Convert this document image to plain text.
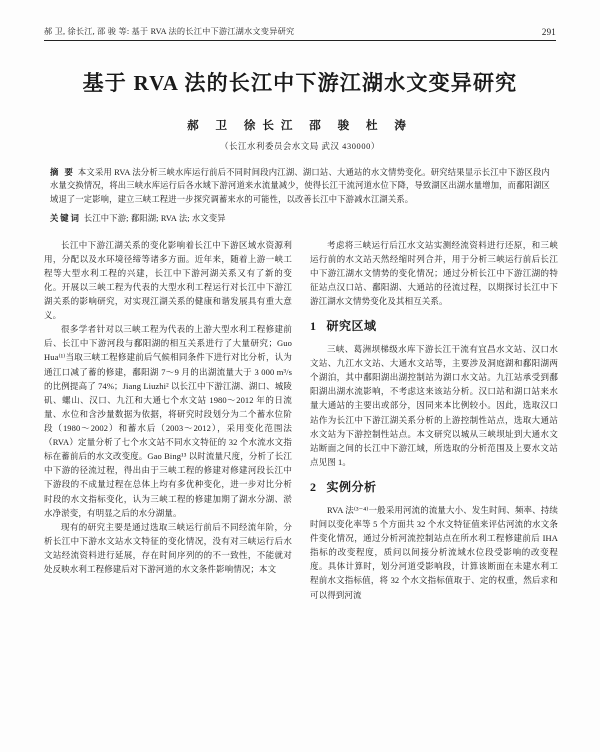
郝 卫, 徐长江, 邵 骏 等: 基于 RVA 法的长江中下游江湖水文变异研究	291
基于 RVA 法的长江中下游江湖水文变异研究
郝 卫 徐长江 邵 骏 杜 涛
（长江水利委员会水文局 武汉 430000）
摘 要 本文采用 RVA 法分析三峡水库运行前后不同时间段内江湖、湖口站、大通站的水文情势变化。研究结果显示长江中下游区段内水量交换情况，将出三峡水库运行后各水域下游河道来水流量减少，使得长江干流河道水位下降，导致湖区出湖水量增加，而鄱阳湖区域退了一定影响，建立三峡工程进一步探究调蓄来水的可能性，以改善长江中下游减水江湖关系。
关键词 长江中下游; 鄱阳湖; RVA 法; 水文变异

长江中下游江湖关系的变化影响着长江中下游区域水资源利用，分配以及水环境径缔等诸多方面。近年来，随着上游一峡工程等大型水利工程的兴建，长江中下游河湖关系又有了新的变化。开展以三峡工程为代表的大型水利工程运行对长江中下游江湖关系的影响研究，对实现江湖关系的健康和谐发展具有重大意义。

很多学者针对以三峡工程为代表的上游大型水利工程修建前后、长江中下游河段与鄱阳湖的相互关系进行了大量研究；Guo Hua⁽¹⁾当取三峡工程修建前后气候相同条件下进行对比分析，认为通江口减了蓄的修建，鄱阳湖 7～9 月的出湖流量大于 3 000 m³/s 的比例提高了 74%；Jiang Liuzhi² 以长江中下游江湖、湖口、城陵矶、螺山、汉口、九江和大通七个水文站 1980～2012 年的日流量、水位和含沙量数据为依据，将研究时段划分为二个蓄水位阶段（1980～2002）和蓄水后（2003～2012），采用变化范围法（RVA）定量分析了七个水文站不同水文特征的 32 个水流水文指标在蓄前后的水文改变度。Gao Bing¹³ 以时流量尺度，分析了长江中下游的径流过程，得出由于三峡工程的修建对修建河段长江中下游段的不成量过程在总体上均有多优种变化，进一步对比分析时段的水文指标变化，认为三峡工程的修建加期了湖水分湖、淤水净淤变，有明显之后的水分湖量。

现有的研究主要是通过选取三峡运行前后不同经流年阶，分析长江中下游水文站水文特征的变化情况，没有对三峡运行后水文站经流资料进行延展，存在时间序列的的不一致性，不能就对处反映水利工程修建后对下游河道的水文条件影响情况；本文

考虑将三峡运行后江水文站实测经流资料进行还原，和三峡运行前的水文站天然经缩时列合并，用于分析三峡运行前后长江中下游江湖水文情势的变化情况；通过分析长江中下游江湖的特征站点汉口站、鄱阳湖、大通站的径流过程，以期探讨长江中下游江湖水文情势变化及其相互关系。

1 研究区域

三峡、葛洲坝梯级水库下游长江干流有宜昌水文站、汉口水文站、九江水文站、大通水文站等，主要涉及洞庭湖和鄱阳湖两个湖泊，其中鄱阳湖出湖控制站为湖口水文站。九江站承受到鄱阳湖出湖水流影响，不考虑这来该站分析。汉口站和湖口站来水量大通站的主要出或部分，因同来本比例较小。因此，选取汉口站作为长江中下游江湖关系分析的上游控制性站点，选取大通站水文站为下游控制性站点。本文研究以城从三峡坝址到大通水文站断面之间的长江中下游江域，所选取的分析范围及上要水文站点见图 1。

2 实例分析

RVA 法⁽³⁻⁴⁾一般采用河流的流量大小、发生时间、频率、持续时间以变化率等 5 个方面共 32 个水文特征值来评估河流的水文条件变化情况，通过分析河流控制站点在所水利工程修建前后 IHA 指标的改变程度，质问以间接分析流域水位段受影响的改变程度。具体计算时，划分河道受影响段，计算该断面在未建水利工程前水文指标值，将 32 个水文指标值取于、定的权重，然后求和可以得到河流
